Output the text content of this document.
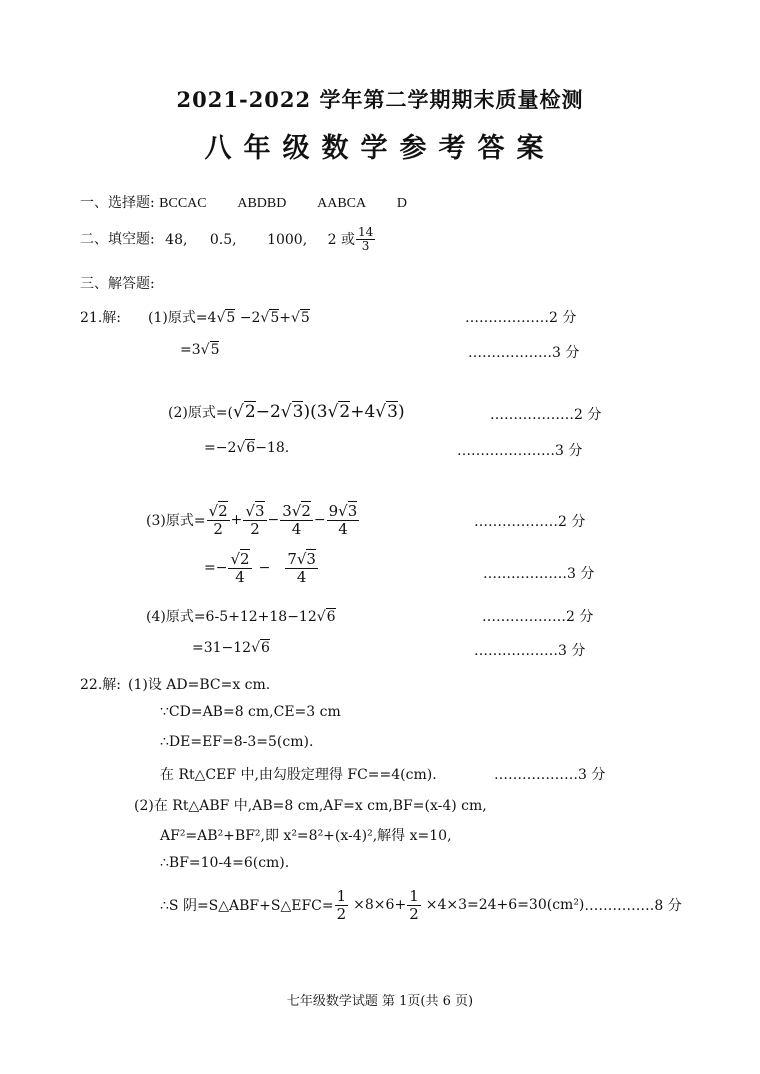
2021-2022 学年第二学期期末质量检测
八年级数学参考答案
一、选择题: BCCAC　 ABDBD　 AABCA　 D
二、填空题: 48, 0.5, 1000, 2 或 $\frac{14}{3}$
三、解答题:
21.解: (1)原式=4√5 −2√5+√5	………………2 分
=3√5	………………3 分
(2)原式=(√2−2√3)(3√2+4√3)	………………2 分
=−2√6−18.	…………………3 分
(3)原式= $\frac{√2}{2} + \frac{√3}{2} - \frac{3√2}{4} - \frac{9√3}{4}$	………………2 分
=− $\frac{√2}{4} - \frac{7√3}{4}$	………………3 分
(4)原式=6-5+12+18−12√6	………………2 分
=31−12√6	………………3 分
22.解: (1)设 AD=BC=x cm.
∵CD=AB=8 cm,CE=3 cm
∴DE=EF=8-3=5(cm).
在 Rt△CEF 中,由勾股定理得 FC==4(cm).	………………3 分
(2)在 Rt△ABF 中,AB=8 cm,AF=x cm,BF=(x-4) cm,
AF²=AB²+BF²,即 x²=8²+(x-4)²,解得 x=10,
∴BF=10-4=6(cm).
∴S 阴=S△ABF+S△EFC= $\frac{1}{2} \times 8\times 6+ \frac{1}{2} \times 4\times 3=24+6=30(cm^2)$ ……………8 分
七年级数学试题 第 1页(共 6 页)
